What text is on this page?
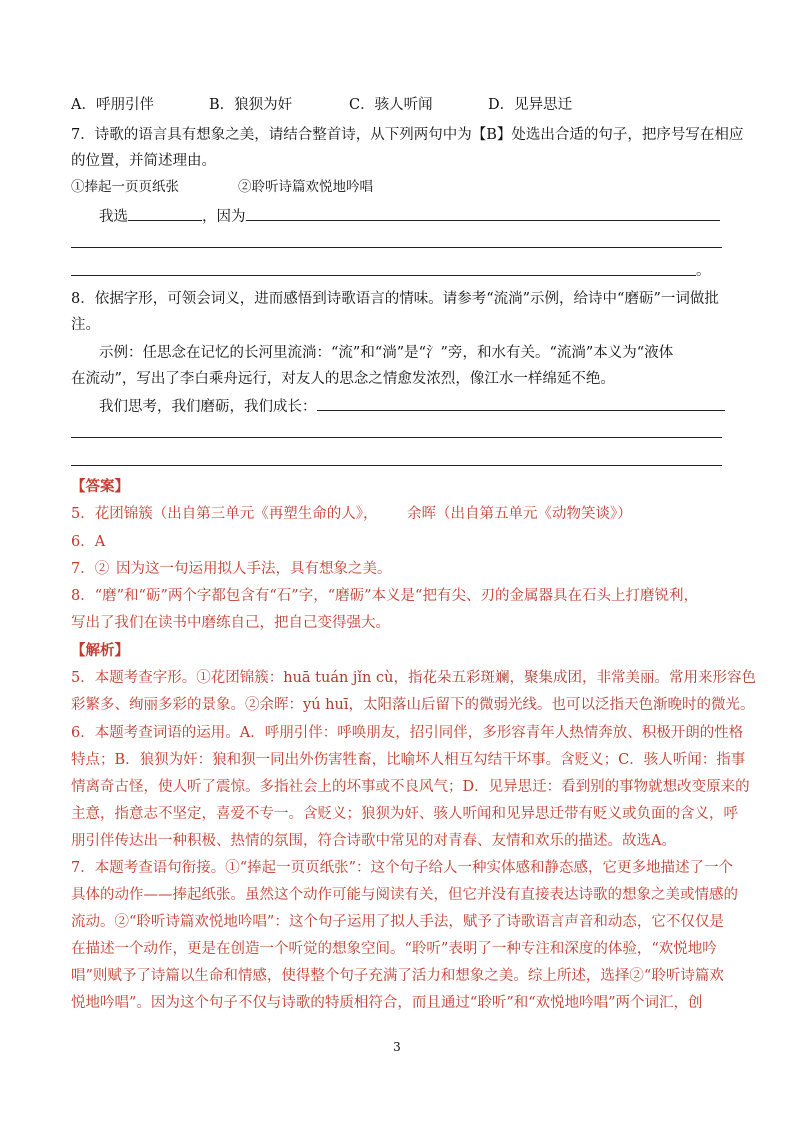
A．呼朋引伴	B．狼狈为奸	C．骇人听闻	D．见异思迁
7．诗歌的语言具有想象之美，请结合整首诗，从下列两句中为【B】处选出合适的句子，把序号写在相应
的位置，并简述理由。
①捧起一页页纸张	②聆听诗篇欢悦地吟唱
我选	，因为
。
8．依据字形，可领会词义，进而感悟到诗歌语言的情味。请参考“流淌”示例，给诗中“磨砺”一词做批
注。
示例：任思念在记忆的长河里流淌：“流”和“淌”是“氵”旁，和水有关。“流淌”本义为“液体
在流动”，写出了李白乘舟远行，对友人的思念之情愈发浓烈，像江水一样绵延不绝。
我们思考，我们磨砺，我们成长：
【答案】
5．花团锦簇（出自第三单元《再塑生命的人》， 余晖（出自第五单元《动物笑谈》）
6．A
7．② 因为这一句运用拟人手法，具有想象之美。
8．“磨”和“砺”两个字都包含有“石”字，“磨砺”本义是“把有尖、刃的金属器具在石头上打磨锐利，
写出了我们在读书中磨练自己，把自己变得强大。
【解析】
5．本题考查字形。①花团锦簇：huā tuán jǐn cù，指花朵五彩斑斓，聚集成团，非常美丽。常用来形容色
彩繁多、绚丽多彩的景象。②余晖：yú huī，太阳落山后留下的微弱光线。也可以泛指天色渐晚时的微光。
6．本题考查词语的运用。A．呼朋引伴：呼唤朋友，招引同伴，多形容青年人热情奔放、积极开朗的性格
特点；B．狼狈为奸：狼和狈一同出外伤害牲畜，比喻坏人相互勾结干坏事。含贬义；C．骇人听闻：指事
情离奇古怪，使人听了震惊。多指社会上的坏事或不良风气；D．见异思迁：看到别的事物就想改变原来的
主意，指意志不坚定，喜爱不专一。含贬义；狼狈为奸、骇人听闻和见异思迁带有贬义或负面的含义，呼
朋引伴传达出一种积极、热情的氛围，符合诗歌中常见的对青春、友情和欢乐的描述。故选A。
7．本题考查语句衔接。①“捧起一页页纸张”：这个句子给人一种实体感和静态感，它更多地描述了一个
具体的动作——捧起纸张。虽然这个动作可能与阅读有关，但它并没有直接表达诗歌的想象之美或情感的
流动。②“聆听诗篇欢悦地吟唱”：这个句子运用了拟人手法，赋予了诗歌语言声音和动态，它不仅仅是
在描述一个动作，更是在创造一个听觉的想象空间。“聆听”表明了一种专注和深度的体验，“欢悦地吟
唱”则赋予了诗篇以生命和情感，使得整个句子充满了活力和想象之美。综上所述，选择②“聆听诗篇欢
悦地吟唱”。因为这个句子不仅与诗歌的特质相符合，而且通过“聆听”和“欢悦地吟唱”两个词汇，创
3
